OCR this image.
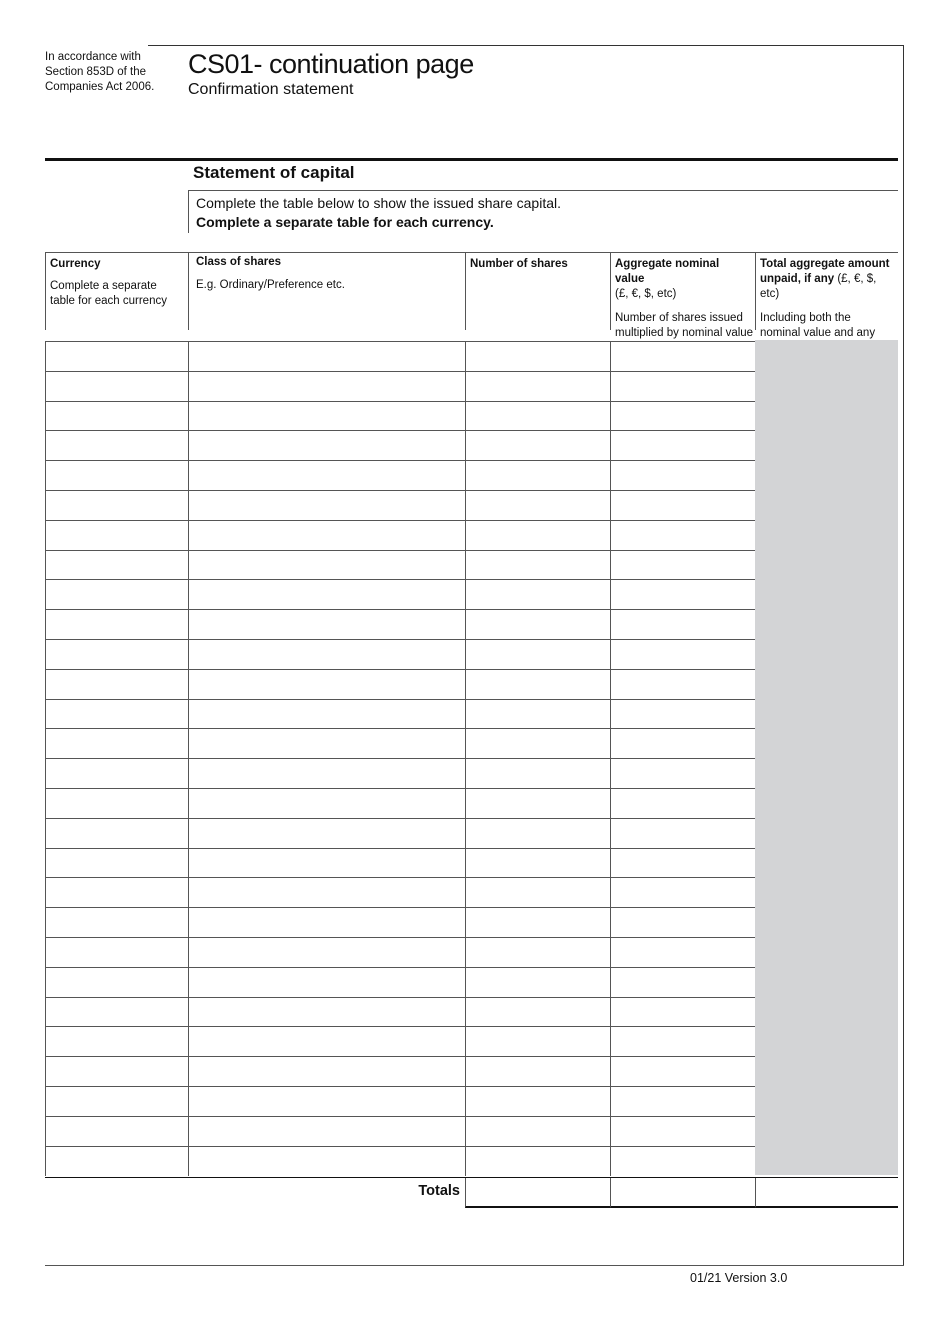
In accordance with
Section 853D of the
Companies Act 2006.
CS01- continuation page
Confirmation statement
Statement of capital
Complete the table below to show the issued share capital.
Complete a separate table for each currency.
Currency
Complete a separate table for each currency
Class of shares
E.g. Ordinary/Preference etc.
Number of shares	Aggregate nominal value
(£, €, $, etc)
Number of shares issued multiplied by nominal value
Total aggregate amount unpaid, if any (£, €, $, etc)
Including both the nominal value and any
Totals
01/21 Version 3.0
